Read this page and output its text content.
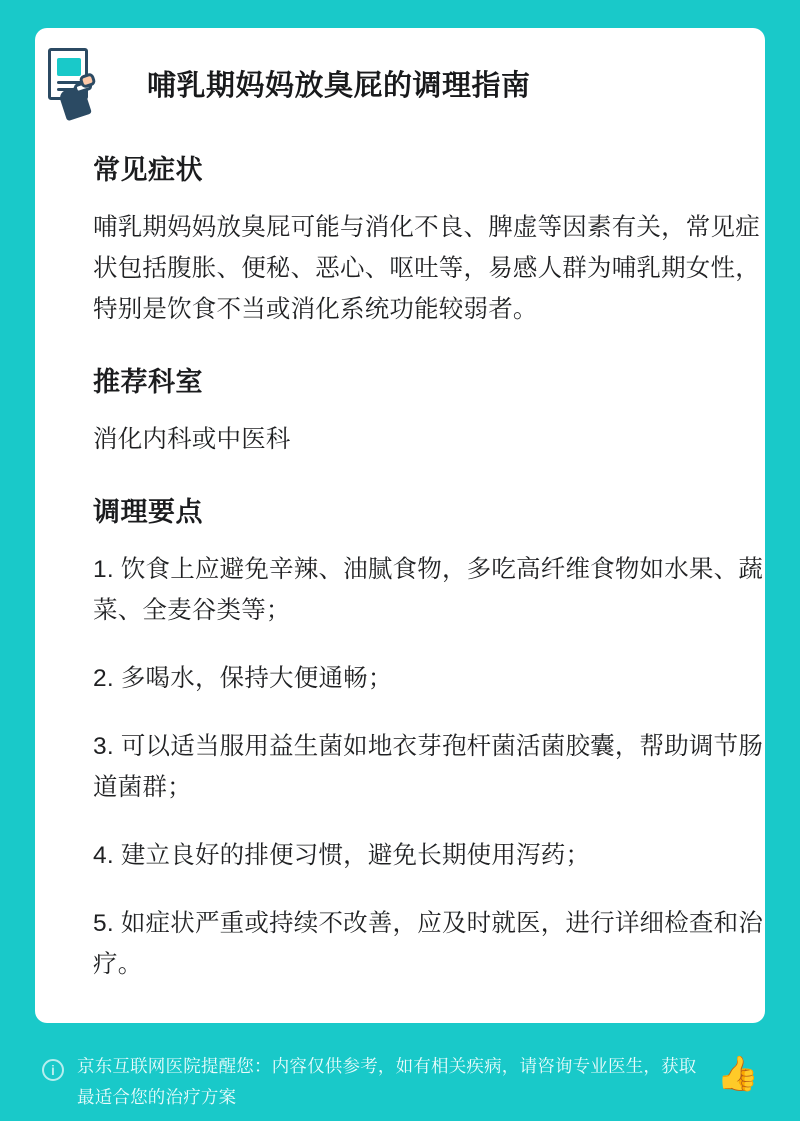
哺乳期妈妈放臭屁的调理指南
常见症状

哺乳期妈妈放臭屁可能与消化不良、脾虚等因素有关，常见症状包括腹胀、便秘、恶心、呕吐等，易感人群为哺乳期女性，特别是饮食不当或消化系统功能较弱者。

推荐科室

消化内科或中医科

调理要点

1. 饮食上应避免辛辣、油腻食物，多吃高纤维食物如水果、蔬菜、全麦谷类等；

2. 多喝水，保持大便通畅；

3. 可以适当服用益生菌如地衣芽孢杆菌活菌胶囊，帮助调节肠道菌群；

4. 建立良好的排便习惯，避免长期使用泻药；

5. 如症状严重或持续不改善，应及时就医，进行详细检查和治疗。

i 京东互联网医院提醒您：内容仅供参考，如有相关疾病，请咨询专业医生，获取最适合您的治疗方案
👍
